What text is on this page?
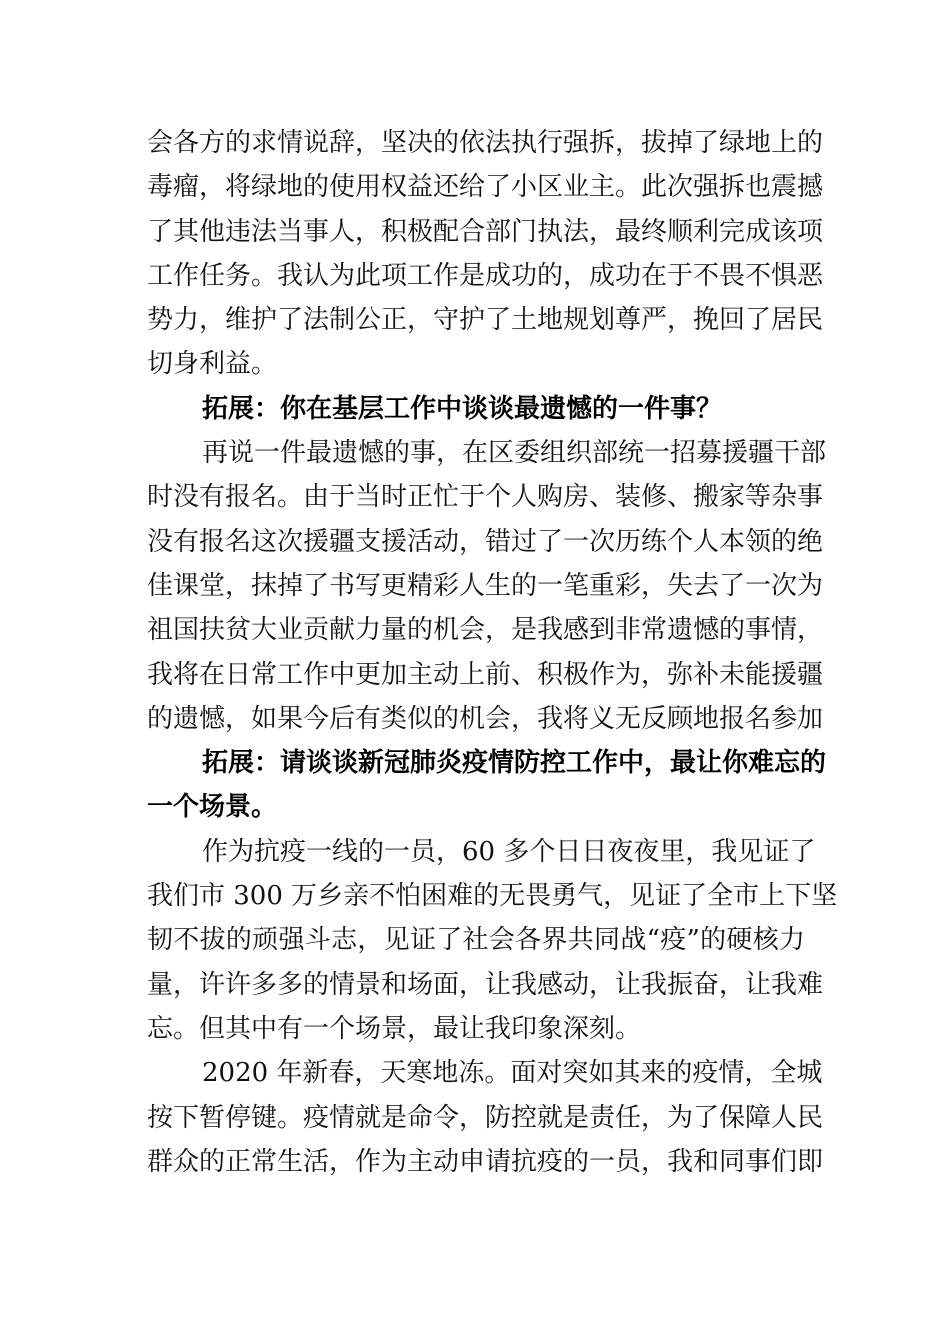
会各方的求情说辞，坚决的依法执行强拆，拔掉了绿地上的
毒瘤，将绿地的使用权益还给了小区业主。此次强拆也震撼
了其他违法当事人，积极配合部门执法，最终顺利完成该项
工作任务。我认为此项工作是成功的，成功在于不畏不惧恶
势力，维护了法制公正，守护了土地规划尊严，挽回了居民
切身利益。
拓展：你在基层工作中谈谈最遗憾的一件事？
再说一件最遗憾的事，在区委组织部统一招募援疆干部
时没有报名。由于当时正忙于个人购房、装修、搬家等杂事
没有报名这次援疆支援活动，错过了一次历练个人本领的绝
佳课堂，抹掉了书写更精彩人生的一笔重彩，失去了一次为
祖国扶贫大业贡献力量的机会，是我感到非常遗憾的事情，
我将在日常工作中更加主动上前、积极作为，弥补未能援疆
的遗憾，如果今后有类似的机会，我将义无反顾地报名参加
拓展：请谈谈新冠肺炎疫情防控工作中，最让你难忘的
一个场景。
作为抗疫一线的一员，60 多个日日夜夜里，我见证了
我们市 300 万乡亲不怕困难的无畏勇气，见证了全市上下坚
韧不拔的顽强斗志，见证了社会各界共同战“疫”的硬核力
量，许许多多的情景和场面，让我感动，让我振奋，让我难
忘。但其中有一个场景，最让我印象深刻。
2020 年新春，天寒地冻。面对突如其来的疫情，全城
按下暂停键。疫情就是命令，防控就是责任，为了保障人民
群众的正常生活，作为主动申请抗疫的一员，我和同事们即
